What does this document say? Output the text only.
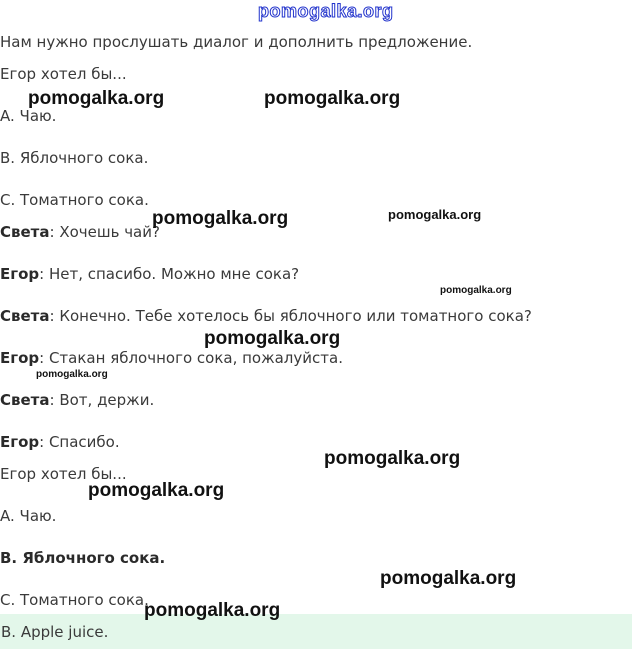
pomogalka.org
Нам нужно прослушать диалог и дополнить предложение.
Егор хотел бы...
A. Чаю.
B. Яблочного сока.
C. Томатного сока.
Света: Хочешь чай?
Егор: Нет, спасибо. Можно мне сока?
Света: Конечно. Тебе хотелось бы яблочного или томатного сока?
Егор: Стакан яблочного сока, пожалуйста.
Света: Вот, держи.
Егор: Спасибо.
Егор хотел бы...
A. Чаю.
B. Яблочного сока.
C. Томатного сока.
B. Apple juice.
pomogalka.org	pomogalka.org
pomogalka.org	pomogalka.org
pomogalka.org
pomogalka.org
pomogalka.org
pomogalka.org
pomogalka.org
pomogalka.org
pomogalka.org
